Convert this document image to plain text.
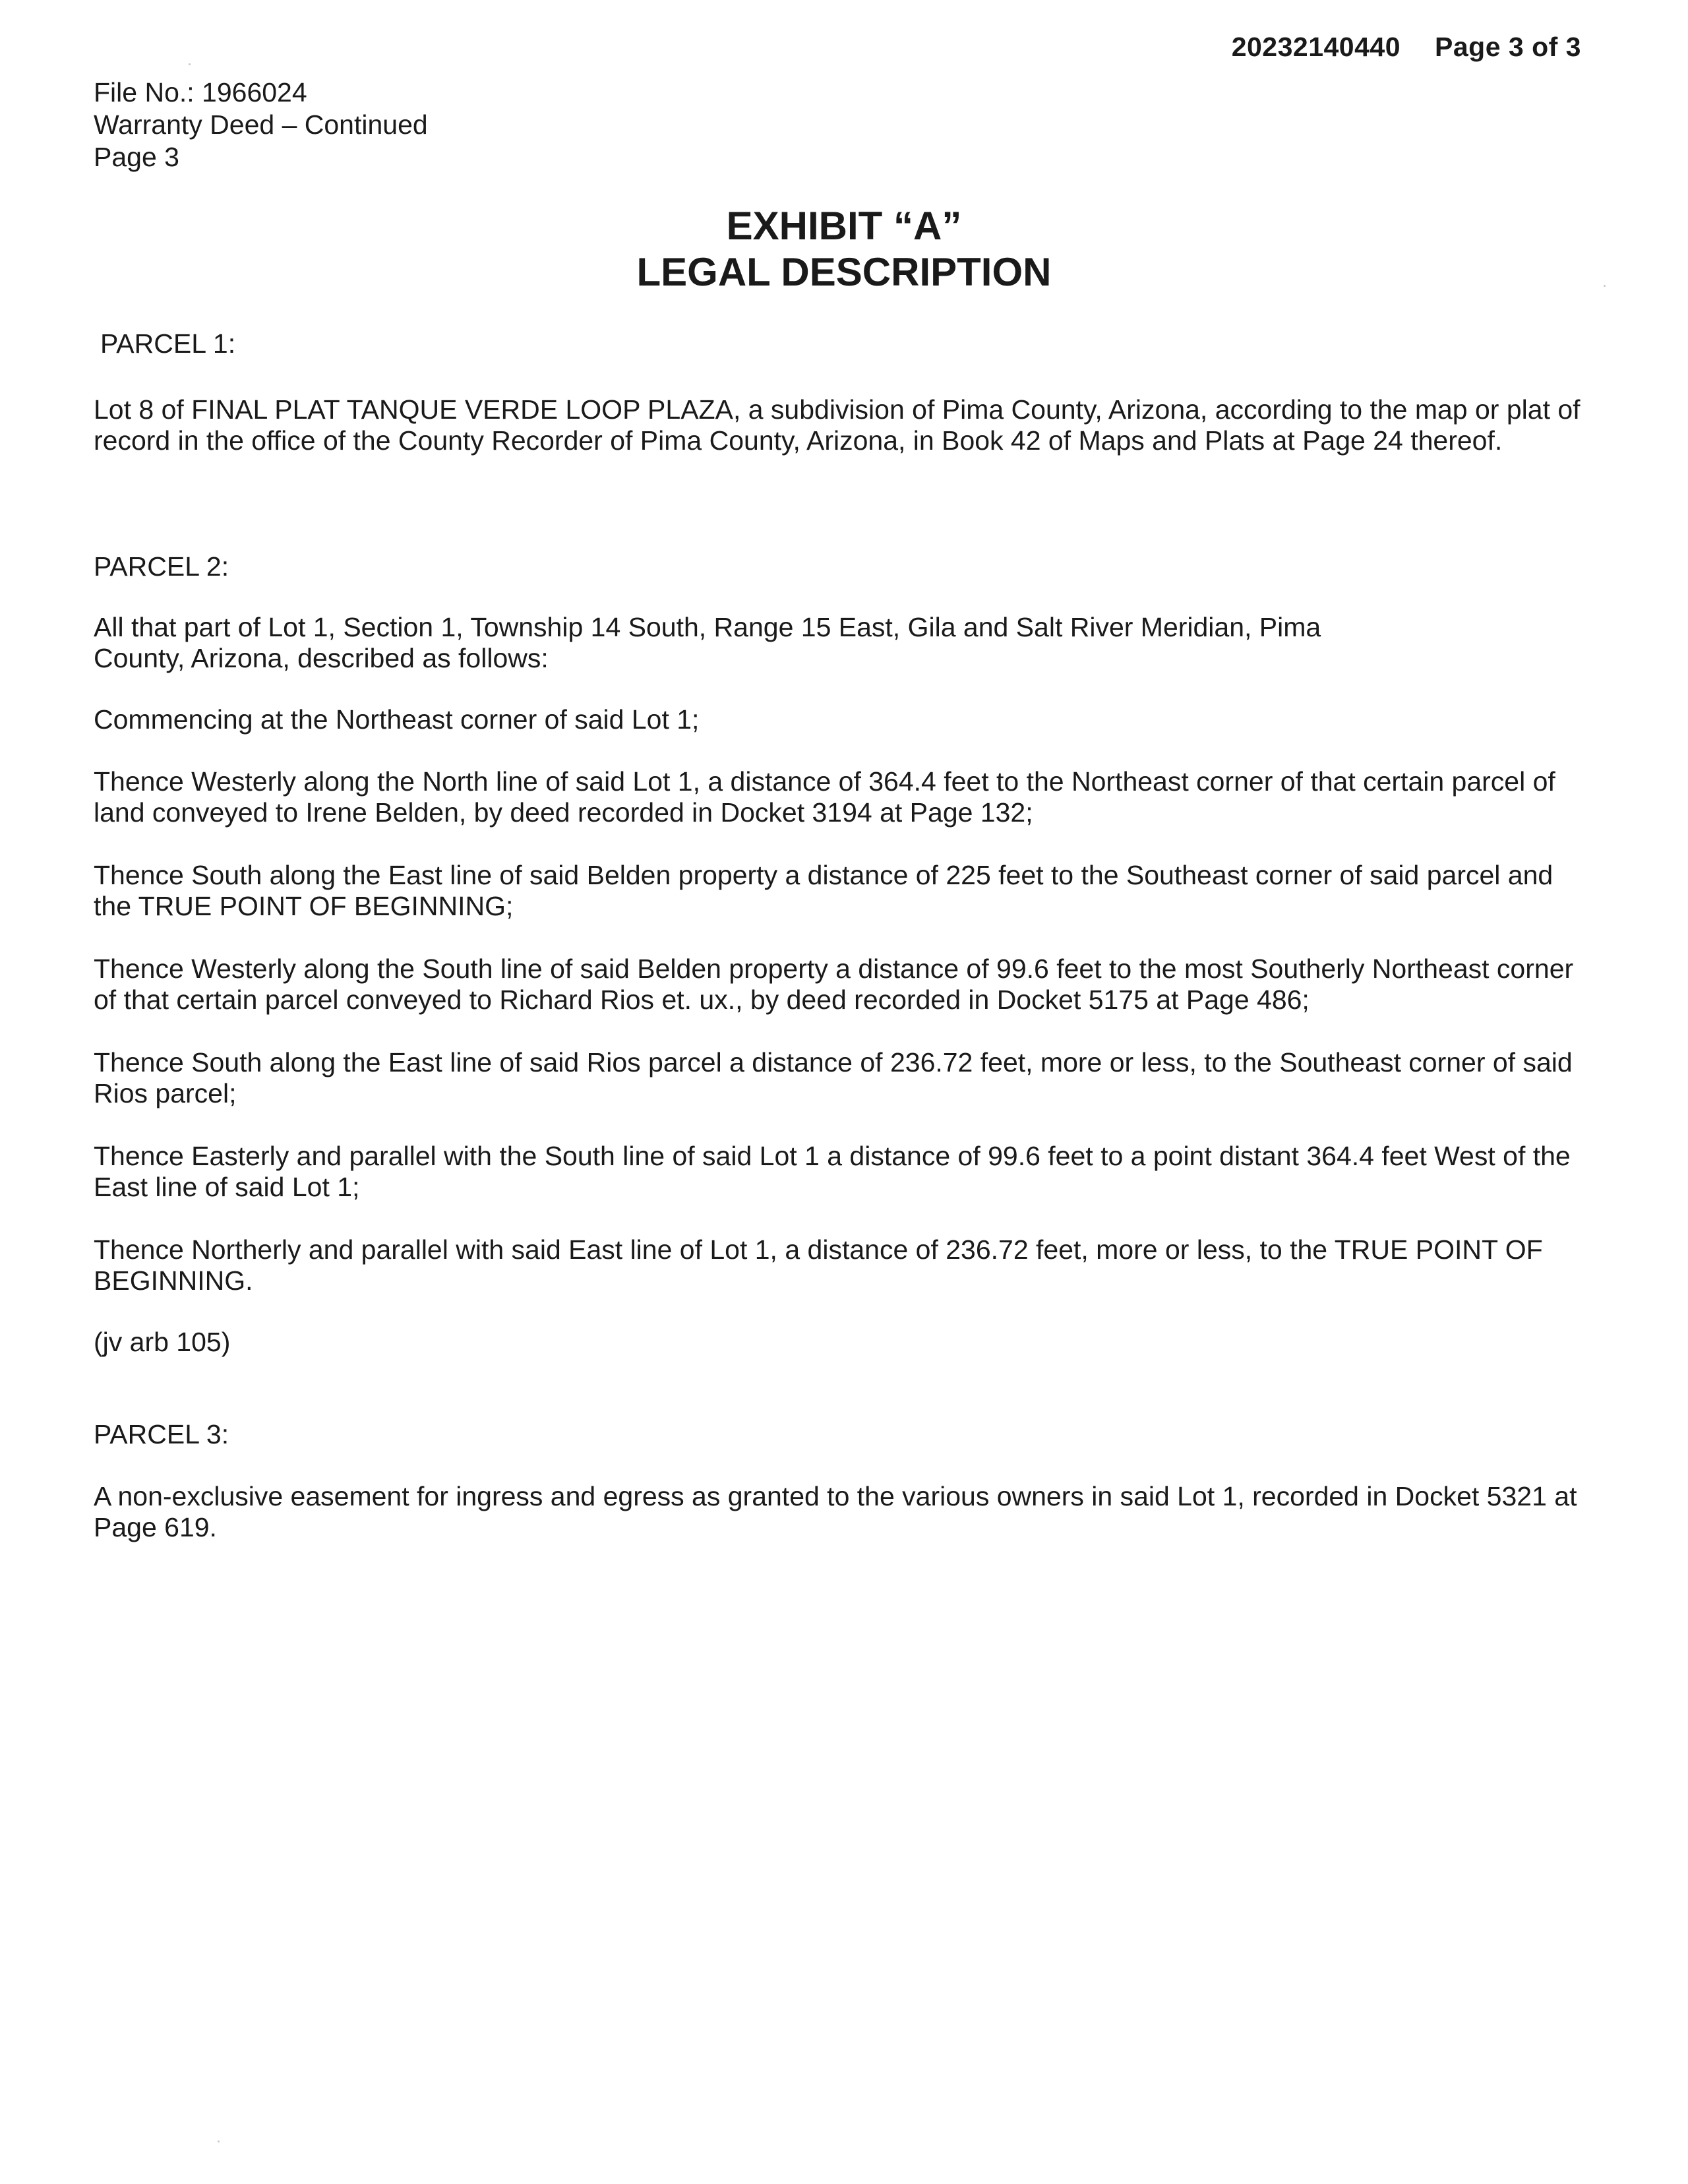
20232140440 Page 3 of 3
File No.: 1966024
Warranty Deed – Continued
Page 3
EXHIBIT “A”
LEGAL DESCRIPTION
PARCEL 1:

Lot 8 of FINAL PLAT TANQUE VERDE LOOP PLAZA, a subdivision of Pima County, Arizona, according to the map or plat of record in the office of the County Recorder of Pima County, Arizona, in Book 42 of Maps and Plats at Page 24 thereof.

PARCEL 2:

All that part of Lot 1, Section 1, Township 14 South, Range 15 East, Gila and Salt River Meridian, Pima County, Arizona, described as follows:

Commencing at the Northeast corner of said Lot 1;

Thence Westerly along the North line of said Lot 1, a distance of 364.4 feet to the Northeast corner of that certain parcel of land conveyed to Irene Belden, by deed recorded in Docket 3194 at Page 132;

Thence South along the East line of said Belden property a distance of 225 feet to the Southeast corner of said parcel and the TRUE POINT OF BEGINNING;

Thence Westerly along the South line of said Belden property a distance of 99.6 feet to the most Southerly Northeast corner of that certain parcel conveyed to Richard Rios et. ux., by deed recorded in Docket 5175 at Page 486;

Thence South along the East line of said Rios parcel a distance of 236.72 feet, more or less, to the Southeast corner of said Rios parcel;

Thence Easterly and parallel with the South line of said Lot 1 a distance of 99.6 feet to a point distant 364.4 feet West of the East line of said Lot 1;

Thence Northerly and parallel with said East line of Lot 1, a distance of 236.72 feet, more or less, to the TRUE POINT OF BEGINNING.

(jv arb 105)

PARCEL 3:

A non-exclusive easement for ingress and egress as granted to the various owners in said Lot 1, recorded in Docket 5321 at Page 619.
